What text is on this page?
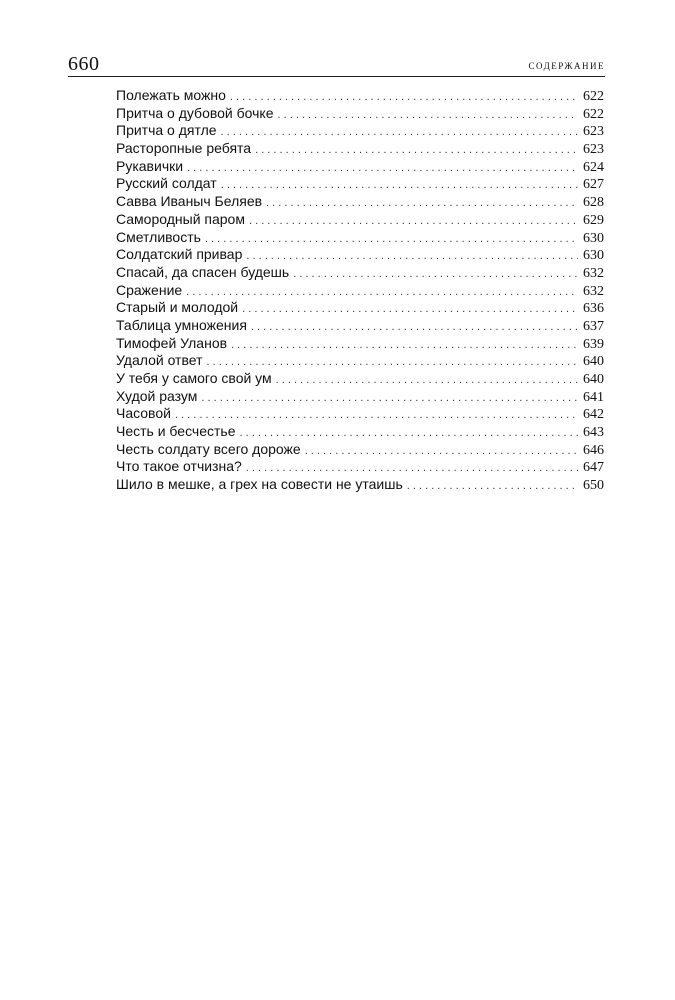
660	содержание
Полежать можно . . .	622
Притча о дубовой бочке . . .	622
Притча о дятле . . .	623
Расторопные ребята . . .	623
Рукавички . . .	624
Русский солдат . . .	627
Савва Иваныч Беляев . . .	628
Самородный паром . . .	629
Сметливость . . .	630
Солдатский привар . . .	630
Спасай, да спасен будешь . . .	632
Сражение . . .	632
Старый и молодой . . .	636
Таблица умножения . . .	637
Тимофей Уланов . . .	639
Удалой ответ . . .	640
У тебя у самого свой ум . . .	640
Худой разум . . .	641
Часовой . . .	642
Честь и бесчестье . . .	643
Честь солдату всего дороже . . .	646
Что такое отчизна? . . .	647
Шило в мешке, а грех на совести не утаишь . . .	650
